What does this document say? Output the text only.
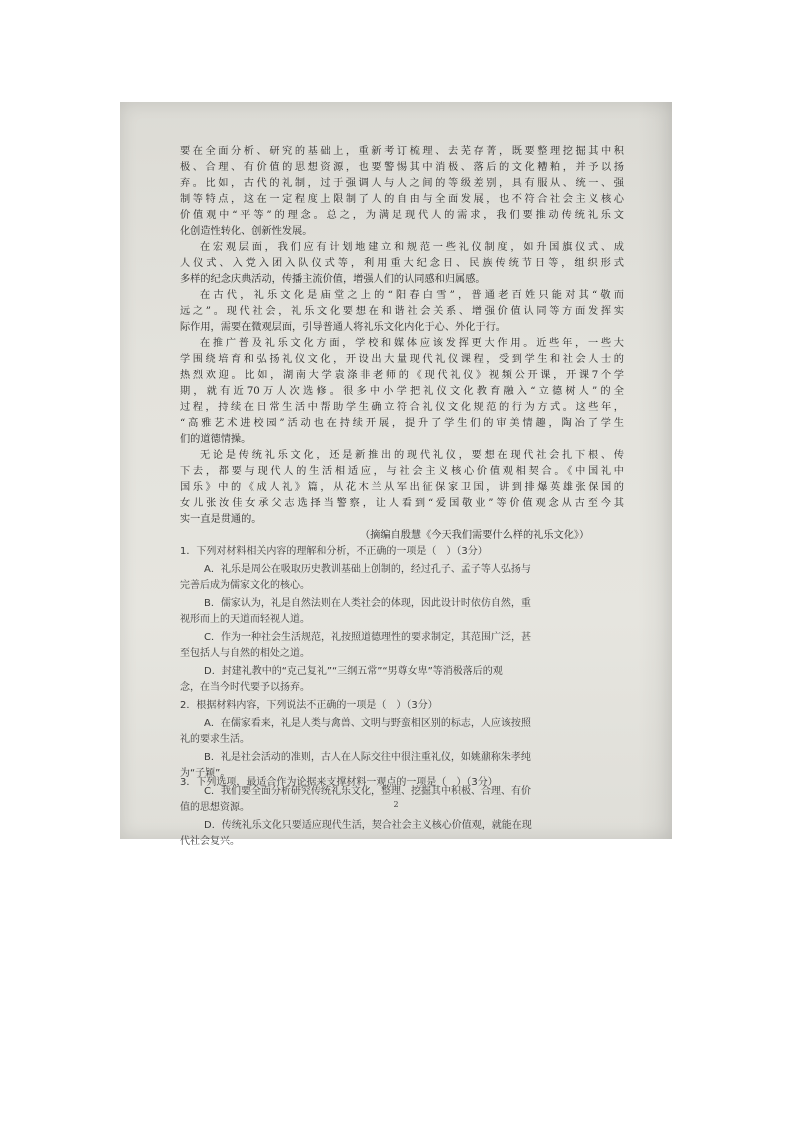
要在全面分析、研究的基础上，重新考订梳理、去芜存菁，既要整理挖掘其中积

极、合理、有价值的思想资源，也要警惕其中消极、落后的文化糟粕，并予以扬

弃。比如，古代的礼制，过于强调人与人之间的等级差别，具有服从、统一、强

制等特点，这在一定程度上限制了人的自由与全面发展，也不符合社会主义核心

价值观中“平等”的理念。总之，为满足现代人的需求，我们要推动传统礼乐文

化创造性转化、创新性发展。

在宏观层面，我们应有计划地建立和规范一些礼仪制度，如升国旗仪式、成

人仪式、入党入团入队仪式等，利用重大纪念日、民族传统节日等，组织形式

多样的纪念庆典活动，传播主流价值，增强人们的认同感和归属感。

在古代，礼乐文化是庙堂之上的“阳春白雪”，普通老百姓只能对其“敬而

远之”。现代社会，礼乐文化要想在和谐社会关系、增强价值认同等方面发挥实

际作用，需要在微观层面，引导普通人将礼乐文化内化于心、外化于行。

在推广普及礼乐文化方面，学校和媒体应该发挥更大作用。近些年，一些大

学围绕培育和弘扬礼仪文化，开设出大量现代礼仪课程，受到学生和社会人士的

热烈欢迎。比如，湖南大学袁涤非老师的《现代礼仪》视频公开课，开课7个学

期，就有近70万人次选修。很多中小学把礼仪文化教育融入“立德树人”的全

过程，持续在日常生活中帮助学生确立符合礼仪文化规范的行为方式。这些年，

“高雅艺术进校园”活动也在持续开展，提升了学生们的审美情趣，陶冶了学生

们的道德情操。

无论是传统礼乐文化，还是新推出的现代礼仪，要想在现代社会扎下根、传

下去，都要与现代人的生活相适应，与社会主义核心价值观相契合。《中国礼中

国乐》中的《成人礼》篇，从花木兰从军出征保家卫国，讲到排爆英雄张保国的

女儿张汝佳女承父志选择当警察，让人看到“爱国敬业”等价值观念从古至今其

实一直是贯通的。

（摘编自殷慧《今天我们需要什么样的礼乐文化》）

1．下列对材料相关内容的理解和分析，不正确的一项是（　）（3分）

A．礼乐是周公在吸取历史教训基础上创制的，经过孔子、孟子等人弘扬与

完善后成为儒家文化的核心。

B．儒家认为，礼是自然法则在人类社会的体现，因此设计时依仿自然，重

视形而上的天道而轻视人道。

C．作为一种社会生活规范，礼按照道德理性的要求制定，其范围广泛，甚

至包括人与自然的相处之道。

D．封建礼教中的“克己复礼”“三纲五常”“男尊女卑”等消极落后的观

念，在当今时代要予以扬弃。

2．根据材料内容，下列说法不正确的一项是（　）（3分）

A．在儒家看来，礼是人类与禽兽、文明与野蛮相区别的标志，人应该按照

礼的要求生活。

B．礼是社会活动的准则，古人在人际交往中很注重礼仪，如姚鼐称朱孝纯

为“子颖”。

C．我们要全面分析研究传统礼乐文化，整理、挖掘其中积极、合理、有价

值的思想资源。

D．传统礼乐文化只要适应现代生活，契合社会主义核心价值观，就能在现

代社会复兴。

3．下列选项，最适合作为论据来支撑材料一观点的一项是（　）（3分）

2
